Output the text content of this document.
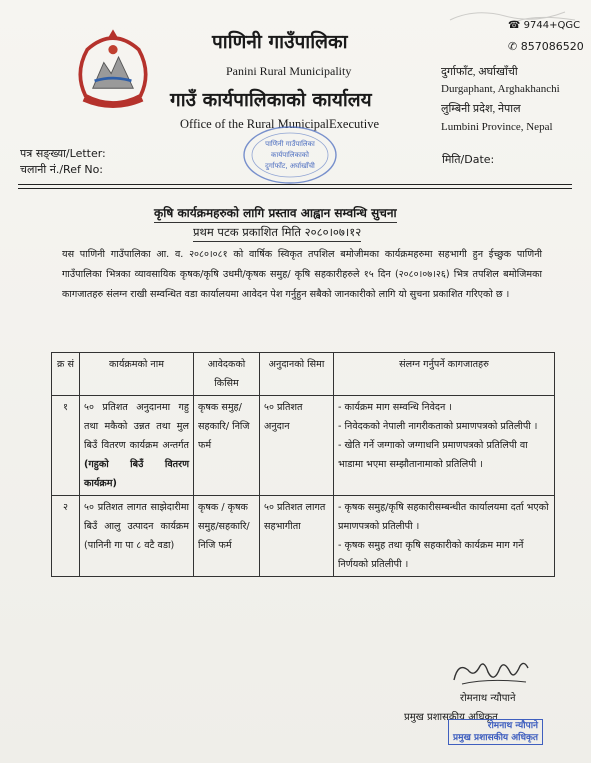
पाणिनी गाउँपालिका
Panini Rural Municipality
गाउँ कार्यपालिकाको कार्यालय
Office of the Rural MunicipalExecutive
☎ 9744+QGC
✆ 857086520
दुर्गाफाँट, अर्घाखाँची
Durgaphant, Arghakhanchi
लुम्बिनी प्रदेश, नेपाल
Lumbini Province, Nepal
पाणिनी गाउँपालिका
कार्यपालिकाको
दुर्गाफाँट, अर्घाखाँची
पत्र सङ्ख्या/Letter:
चलानी नं./Ref No:
मिति/Date:
कृषि कार्यक्रमहरुको लागि प्रस्ताव आह्वान सम्वन्धि सुचना
प्रथम पटक प्रकाशित मिति २०८०।०७।१२
यस पाणिनी गाउँपालिका आ. व. २०८०।०८१ को वार्षिक स्विकृत तपशिल बमोजीमका कार्यक्रमहरुमा सहभागी हुन ईच्छुक पाणिनी गाउँपालिका भित्रका व्यावसायिक कृषक/कृषि उधमी/कृषक समुह/ कृषि सहकारीहरुले १५ दिन (२०८०।०७।२६) भित्र तपशिल बमोजिमका कागजातहरु संलग्न राखी सम्वन्धित वडा कार्यालयमा आवेदन पेश गर्नुहुन सबैको जानकारीको लागि यो सुचना प्रकाशित गरिएको छ ।
क्र सं	कार्यक्रमको नाम	आवेदकको किसिम	अनुदानको सिमा	संलग्न गर्नुपर्ने कागजातहरु
१	५० प्रतिशत अनुदानमा गहु तथा मकैको उन्नत तथा मुल बिउँ वितरण कार्यक्रम अन्तर्गत (गहुको बिउँ वितरण कार्यक्रम)	कृषक समुह/सहकारि/ निजि फर्म	५० प्रतिशत अनुदान	- कार्यक्रम माग सम्वन्धि निवेदन ।
- निवेदकको नेपाली नागरीकताको प्रमाणपत्रको प्रतिलीपी ।
- खेति गर्ने जग्गाको जग्गाधनि प्रमाणपत्रको प्रतिलिपी वा भाडामा भएमा सम्झौतानामाको प्रतिलिपी ।

२	५० प्रतिशत लागत साझेदारीमा बिउँ आलु उत्पादन कार्यक्रम (पानिनी गा पा ८ वटै वडा)	कृषक / कृषक समुह/सहकारि/ निजि फर्म	५० प्रतिशत लागत सहभागीता	- कृषक समुह/कृषि सहकारीसम्बन्धीत कार्यालयमा दर्ता भएको प्रमाणपत्रको प्रतिलीपी ।
- कृषक समुह तथा कृषि सहकारीको कार्यक्रम माग गर्ने निर्णयको प्रतिलीपी ।
रोमनाथ न्यौपाने
प्रमुख प्रशासकीय अधिकृत
रोमनाथ न्यौपाने
प्रमुख प्रशासकीय अधिकृत
